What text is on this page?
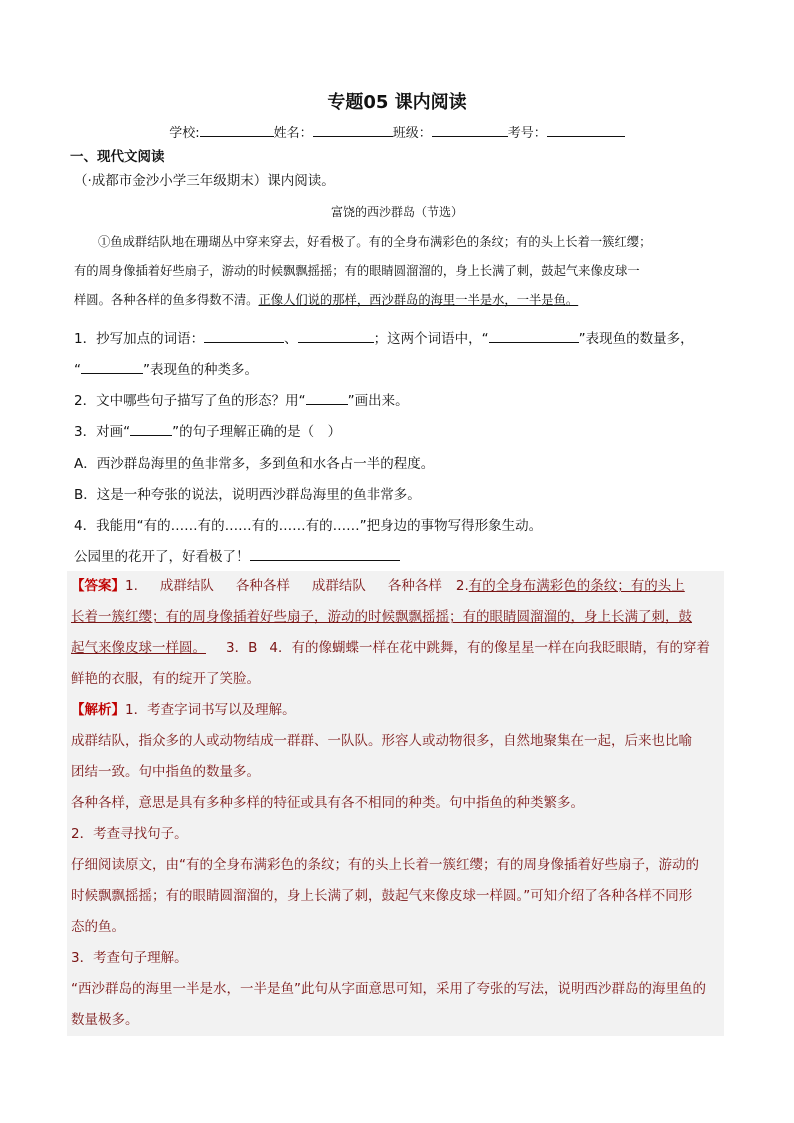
专题05 课内阅读
学校:	姓名：	班级：	考号：
一、现代文阅读
（·成都市金沙小学三年级期末）课内阅读。
富饶的西沙群岛（节选）

①鱼成群结队地在珊瑚丛中穿来穿去，好看极了。有的全身布满彩色的条纹；有的头上长着一簇红缨；

有的周身像插着好些扇子，游动的时候飘飘摇摇；有的眼睛圆溜溜的，身上长满了刺，鼓起气来像皮球一

样圆。各种各样的鱼多得数不清。正像人们说的那样，西沙群岛的海里一半是水，一半是鱼。

1．抄写加点的词语：	、	；这两个词语中，“	”表现鱼的数量多，
“	”表现鱼的种类多。
2．文中哪些句子描写了鱼的形态？用“	”画出来。
3．对画“	”的句子理解正确的是（　）
A．西沙群岛海里的鱼非常多，多到鱼和水各占一半的程度。
B．这是一种夸张的说法，说明西沙群岛海里的鱼非常多。
4．我能用“有的……有的……有的……有的……”把身边的事物写得形象生动。
公园里的花开了，好看极了！
【答案】1. 成群结队 各种各样 成群结队 各种各样 2.有的全身布满彩色的条纹；有的头上
长着一簇红缨；有的周身像插着好些扇子，游动的时候飘飘摇摇；有的眼睛圆溜溜的，身上长满了刺，鼓
起气来像皮球一样圆。 3．B 4．有的像蝴蝶一样在花中跳舞，有的像星星一样在向我眨眼睛，有的穿着
鲜艳的衣服，有的绽开了笑脸。
【解析】1．考查字词书写以及理解。
成群结队，指众多的人或动物结成一群群、一队队。形容人或动物很多，自然地聚集在一起，后来也比喻
团结一致。句中指鱼的数量多。
各种各样，意思是具有多种多样的特征或具有各不相同的种类。句中指鱼的种类繁多。
2．考查寻找句子。
仔细阅读原文，由“有的全身布满彩色的条纹；有的头上长着一簇红缨；有的周身像插着好些扇子，游动的
时候飘飘摇摇；有的眼睛圆溜溜的，身上长满了刺，鼓起气来像皮球一样圆。”可知介绍了各种各样不同形
态的鱼。
3．考查句子理解。
“西沙群岛的海里一半是水，一半是鱼”此句从字面意思可知，采用了夸张的写法，说明西沙群岛的海里鱼的
数量极多。
